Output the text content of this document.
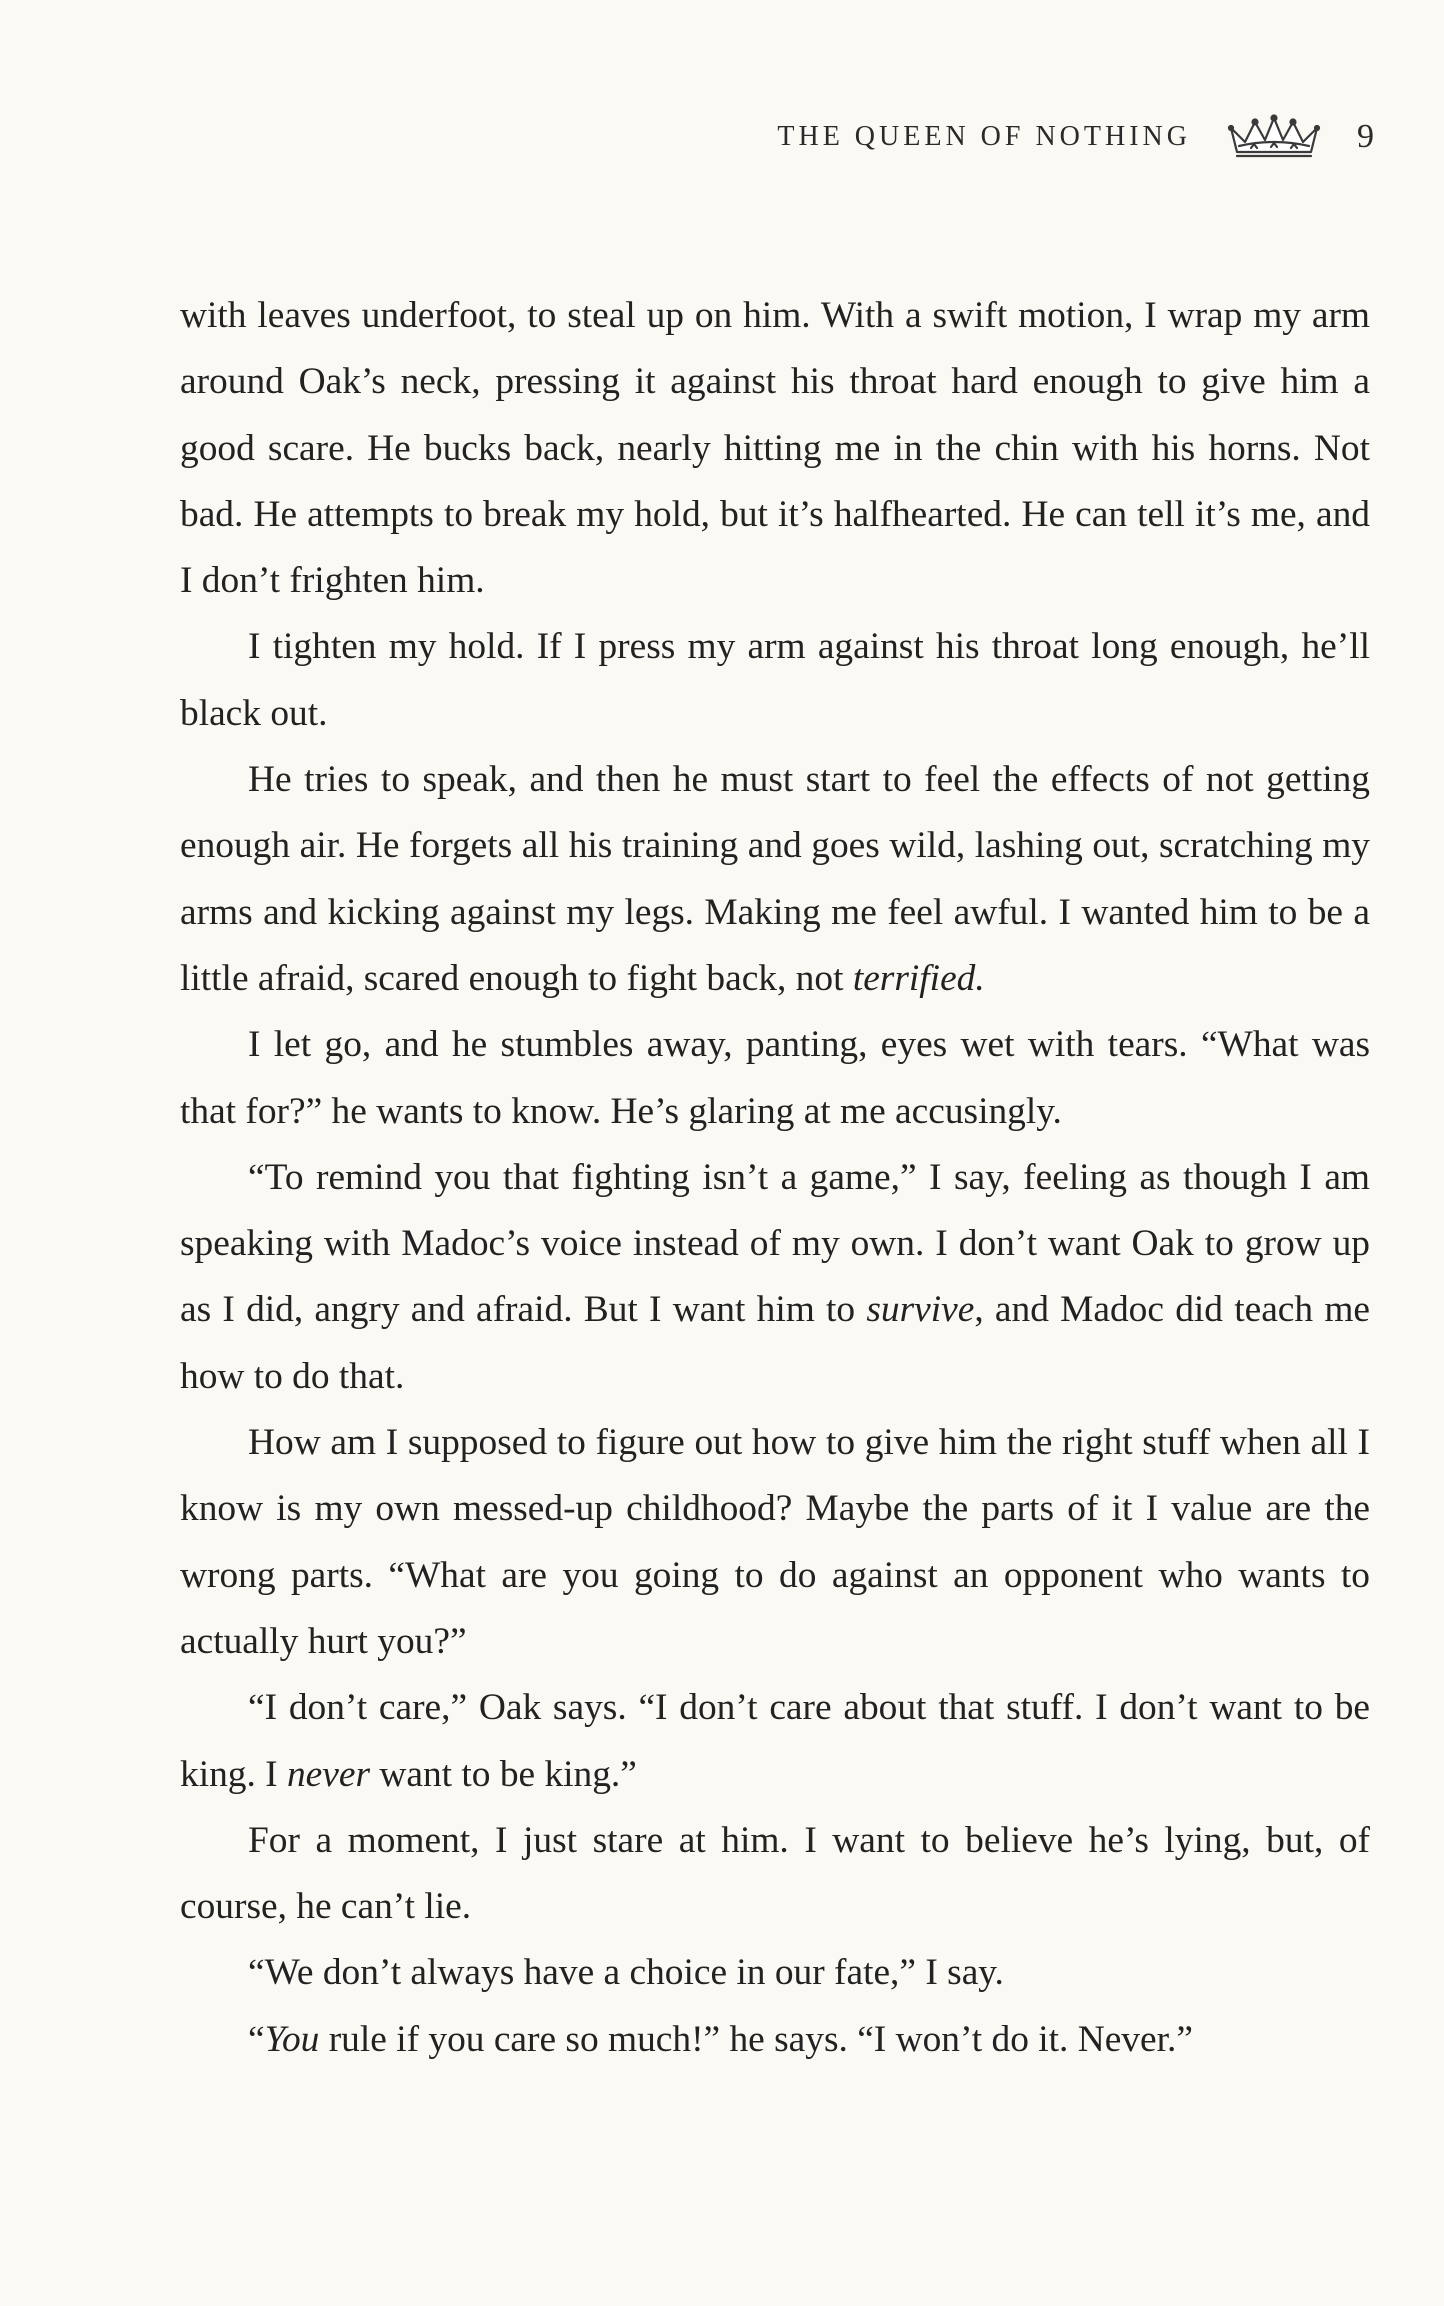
THE QUEEN OF NOTHING	9

with leaves underfoot, to steal up on him. With a swift motion, I wrap my arm around Oak’s neck, pressing it against his throat hard enough to give him a good scare. He bucks back, nearly hitting me in the chin with his horns. Not bad. He attempts to break my hold, but it’s halfhearted. He can tell it’s me, and I don’t frighten him.

I tighten my hold. If I press my arm against his throat long enough, he’ll black out.

He tries to speak, and then he must start to feel the effects of not getting enough air. He forgets all his training and goes wild, lashing out, scratching my arms and kicking against my legs. Making me feel awful. I wanted him to be a little afraid, scared enough to fight back, not terrified.

I let go, and he stumbles away, panting, eyes wet with tears. “What was that for?” he wants to know. He’s glaring at me accusingly.

“To remind you that fighting isn’t a game,” I say, feeling as though I am speaking with Madoc’s voice instead of my own. I don’t want Oak to grow up as I did, angry and afraid. But I want him to survive, and Madoc did teach me how to do that.

How am I supposed to figure out how to give him the right stuff when all I know is my own messed-up childhood? Maybe the parts of it I value are the wrong parts. “What are you going to do against an opponent who wants to actually hurt you?”

“I don’t care,” Oak says. “I don’t care about that stuff. I don’t want to be king. I never want to be king.”

For a moment, I just stare at him. I want to believe he’s lying, but, of course, he can’t lie.

“We don’t always have a choice in our fate,” I say.

“You rule if you care so much!” he says. “I won’t do it. Never.”
